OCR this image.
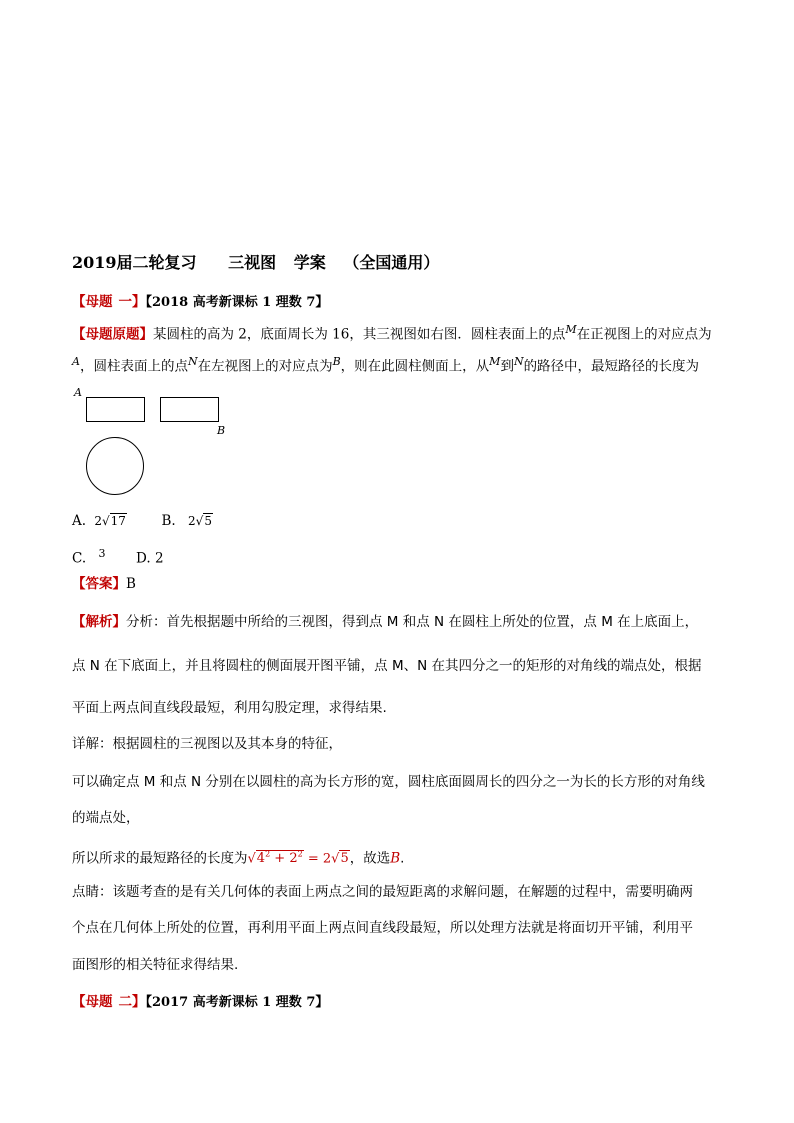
2019届二轮复习 三视图 学案 （全国通用）
【母题 一】【2018 高考新课标 1 理数 7】
【母题原题】某圆柱的高为 2，底面周长为 16，其三视图如右图．圆柱表面上的点$^M$在正视图上的对应点为
$^A$，圆柱表面上的点$^N$在左视图上的对应点为$^B$，则在此圆柱侧面上，从$^M$到$^N$的路径中，最短路径的长度为
A
B
A. 2√17	B. 2√5
C. $^3$ D. 2
【答案】B
【解析】分析：首先根据题中所给的三视图，得到点 M 和点 N 在圆柱上所处的位置，点 M 在上底面上，
点 N 在下底面上，并且将圆柱的侧面展开图平铺，点 M、N 在其四分之一的矩形的对角线的端点处，根据
平面上两点间直线段最短，利用勾股定理，求得结果.
详解：根据圆柱的三视图以及其本身的特征，
可以确定点 M 和点 N 分别在以圆柱的高为长方形的宽，圆柱底面圆周长的四分之一为长的长方形的对角线
的端点处，
所以所求的最短路径的长度为$√4^2 + 2^2 = 2√5$，故选B.
点睛：该题考查的是有关几何体的表面上两点之间的最短距离的求解问题，在解题的过程中，需要明确两
个点在几何体上所处的位置，再利用平面上两点间直线段最短，所以处理方法就是将面切开平铺，利用平
面图形的相关特征求得结果.
【母题 二】【2017 高考新课标 1 理数 7】
